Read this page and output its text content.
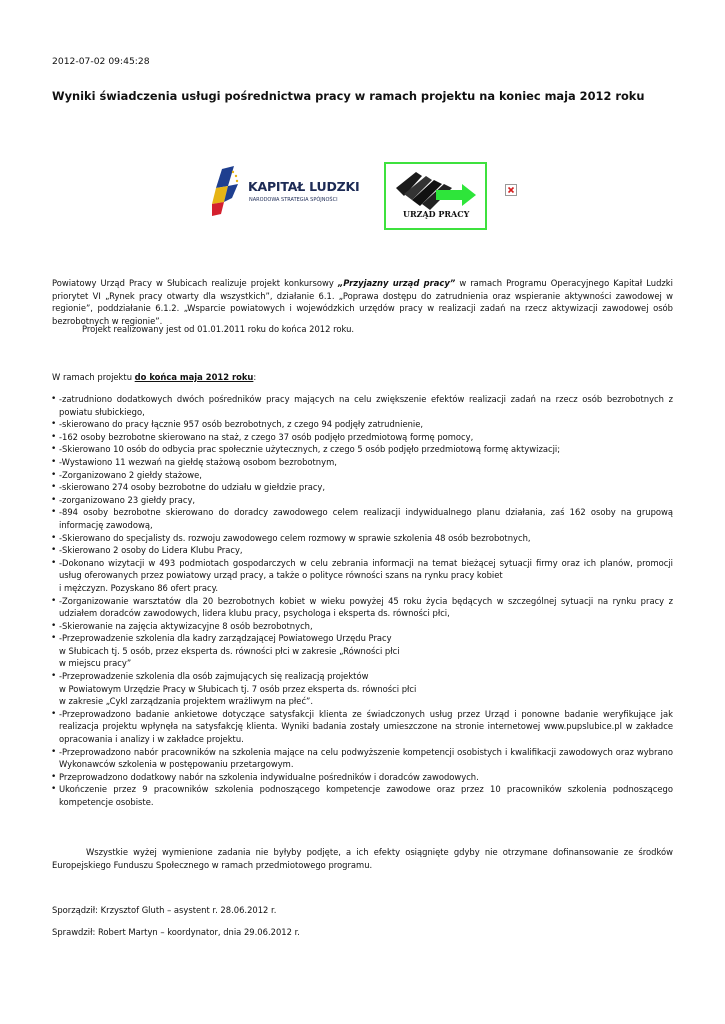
2012-07-02 09:45:28
Wyniki świadczenia usługi pośrednictwa pracy w ramach projektu na koniec maja 2012 roku
KAPITAŁ LUDZKI
NARODOWA STRATEGIA SPÓJNOŚCI
URZĄD PRACY

Powiatowy Urząd Pracy w Słubicach realizuje projekt konkursowy „Przyjazny urząd pracy” w ramach Programu Operacyjnego Kapitał Ludzki priorytet VI „Rynek pracy otwarty dla wszystkich”, działanie 6.1. „Poprawa dostępu do zatrudnienia oraz wspieranie aktywności zawodowej w regionie”, poddziałanie 6.1.2. „Wsparcie powiatowych i wojewódzkich urzędów pracy w realizacji zadań na rzecz aktywizacji zawodowej osób bezrobotnych w regionie”.

Projekt realizowany jest od 01.01.2011 roku do końca 2012 roku.
W ramach projektu do końca maja 2012 roku:
• -zatrudniono dodatkowych dwóch pośredników pracy mających na celu zwiększenie efektów realizacji zadań na rzecz osób bezrobotnych z powiatu słubickiego,
• -skierowano do pracy łącznie 957 osób bezrobotnych, z czego 94 podjęły zatrudnienie,
• -162 osoby bezrobotne skierowano na staż, z czego 37 osób podjęło przedmiotową formę pomocy,
• -Skierowano 10 osób do odbycia prac społecznie użytecznych, z czego 5 osób podjęło przedmiotową formę aktywizacji;
• -Wystawiono 11 wezwań na giełdę stażową osobom bezrobotnym,
• -Zorganizowano 2 giełdy stażowe,
• -skierowano 274 osoby bezrobotne do udziału w giełdzie pracy,
• -zorganizowano 23 giełdy pracy,
• -894 osoby bezrobotne skierowano do doradcy zawodowego celem realizacji indywidualnego planu działania, zaś 162 osoby na grupową informację zawodową,
• -Skierowano do specjalisty ds. rozwoju zawodowego celem rozmowy w sprawie szkolenia 48 osób bezrobotnych,
• -Skierowano 2 osoby do Lidera Klubu Pracy,
• -Dokonano wizytacji w 493 podmiotach gospodarczych w celu zebrania informacji na temat bieżącej sytuacji firmy oraz ich planów, promocji usług oferowanych przez powiatowy urząd pracy, a także o polityce równości szans na rynku pracy kobiet
i mężczyzn. Pozyskano 86 ofert pracy.
• -Zorganizowanie warsztatów dla 20 bezrobotnych kobiet w wieku powyżej 45 roku życia będących w szczególnej sytuacji na rynku pracy z udziałem doradców zawodowych, lidera klubu pracy, psychologa i eksperta ds. równości płci,
• -Skierowanie na zajęcia aktywizacyjne 8 osób bezrobotnych,
• -Przeprowadzenie szkolenia dla kadry zarządzającej Powiatowego Urzędu Pracy
w Słubicach tj. 5 osób, przez eksperta ds. równości płci w zakresie „Równości płci
w miejscu pracy”
• -Przeprowadzenie szkolenia dla osób zajmujących się realizacją projektów
w Powiatowym Urzędzie Pracy w Słubicach tj. 7 osób przez eksperta ds. równości płci
w zakresie „Cykl zarządzania projektem wrażliwym na płeć”.
• -Przeprowadzono badanie ankietowe dotyczące satysfakcji klienta ze świadczonych usług przez Urząd i ponowne badanie weryfikujące jak realizacja projektu wpłynęła na satysfakcję klienta. Wyniki badania zostały umieszczone na stronie internetowej www.pupslubice.pl w zakładce opracowania i analizy i w zakładce projektu.
• -Przeprowadzono nabór pracowników na szkolenia mające na celu podwyższenie kompetencji osobistych i kwalifikacji zawodowych oraz wybrano Wykonawców szkolenia w postępowaniu przetargowym.
• Przeprowadzono dodatkowy nabór na szkolenia indywidualne pośredników i doradców zawodowych.
• Ukończenie przez 9 pracowników szkolenia podnoszącego kompetencje zawodowe oraz przez 10 pracowników szkolenia podnoszącego kompetencje osobiste.

Wszystkie wyżej wymienione zadania nie byłyby podjęte, a ich efekty osiągnięte gdyby nie otrzymane dofinansowanie ze środków Europejskiego Funduszu Społecznego w ramach przedmiotowego programu.

Sporządził: Krzysztof Gluth – asystent r. 28.06.2012 r.
Sprawdził: Robert Martyn – koordynator, dnia 29.06.2012 r.
